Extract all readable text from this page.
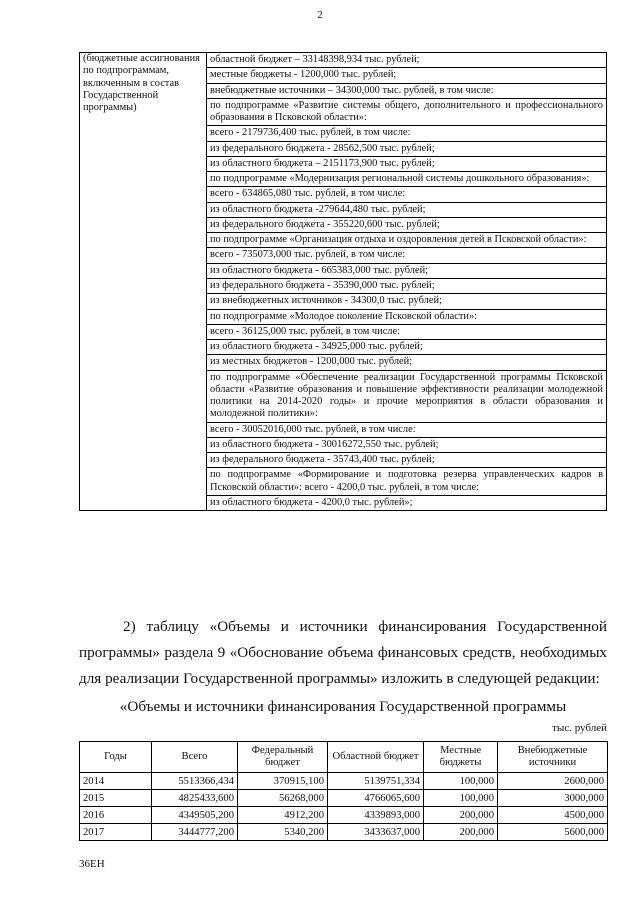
2
(бюджетные ассигнования по подпрограммам, включенным в состав Государственной программы)	
областной бюджет – 33148398,934 тыс. рублей;
местные бюджеты - 1200,000 тыс. рублей;
внебюджетные источники – 34300,000 тыс. рублей, в том числе:
по подпрограмме «Развитие системы общего, дополнительного и профессионального образования в Псковской области»:
всего - 2179736,400 тыс. рублей, в том числе:
из федерального бюджета - 28562,500 тыс. рублей;
из областного бюджета – 2151173,900 тыс. рублей;
по подпрограмме «Модернизация региональной системы дошкольного образования»:
всего - 634865,080 тыс. рублей, в том числе:
из областного бюджета -279644,480 тыс. рублей;
из федерального бюджета - 355220,600 тыс. рублей;
по подпрограмме «Организация отдыха и оздоровления детей в Псковской области»:
всего - 735073,000 тыс. рублей, в том числе:
из областного бюджета - 665383,000 тыс. рублей;
из федерального бюджета - 35390,000 тыс. рублей;
из внебюджетных источников - 34300,0 тыс. рублей;
по подпрограмме «Молодое поколение Псковской области»:
всего - 36125,000 тыс. рублей, в том числе:
из областного бюджета - 34925,000 тыс. рублей;
из местных бюджетов - 1200,000 тыс. рублей;
по подпрограмме «Обеспечение реализации Государственной программы Псковской области «Развитие образования и повышение эффективности реализации молодежной политики на 2014-2020 годы» и прочие мероприятия в области образования и молодежной политики»:
всего - 30052016,000 тыс. рублей, в том числе:
из областного бюджета - 30016272,550 тыс. рублей;
из федерального бюджета - 35743,400 тыс. рублей;
по подпрограмме «Формирование и подготовка резерва управленческих кадров в Псковской области»: всего - 4200,0 тыс. рублей, в том числе:
из областного бюджета - 4200,0 тыс. рублей»;
2) таблицу «Объемы и источники финансирования Государственной программы» раздела 9 «Обоснование объема финансовых средств, необходимых для реализации Государственной программы» изложить в следующей редакции:
«Объемы и источники финансирования Государственной программы
тыс. рублей
Годы	Всего	Федеральный бюджет	Областной бюджет	Местные бюджеты	Внебюджетные источники
2014	5513366,434	370915,100	5139751,334	100,000	2600,000
2015	4825433,600	56268,000	4766065,600	100,000	3000,000
2016	4349505,200	4912,200	4339893,000	200,000	4500,000
2017	3444777,200	5340,200	3433637,000	200,000	5600,000
36ЕН
